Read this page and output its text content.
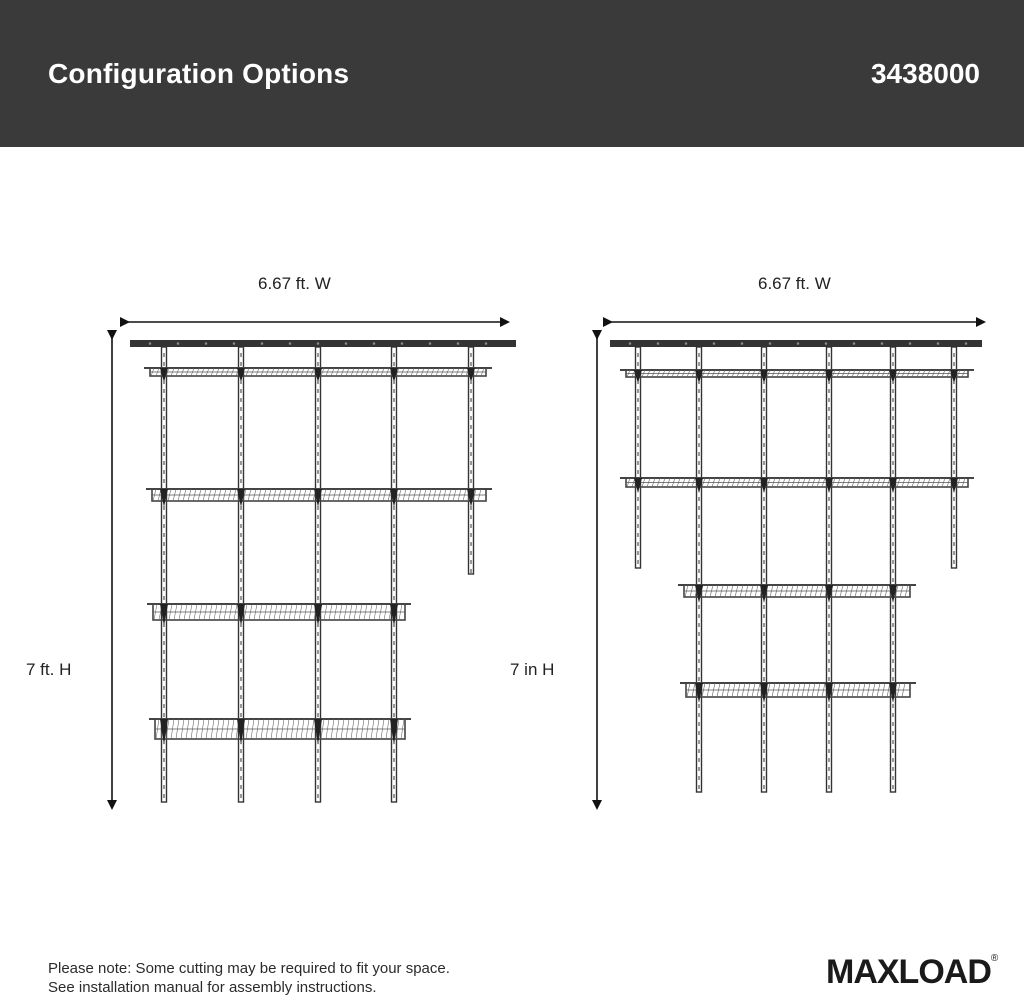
Configuration Options	3438000
6.67 ft. W
7 ft. H
6.67 ft. W
7 in H
Please note: Some cutting may be required to fit your space.
See installation manual for assembly instructions.	MAXLOAD®
